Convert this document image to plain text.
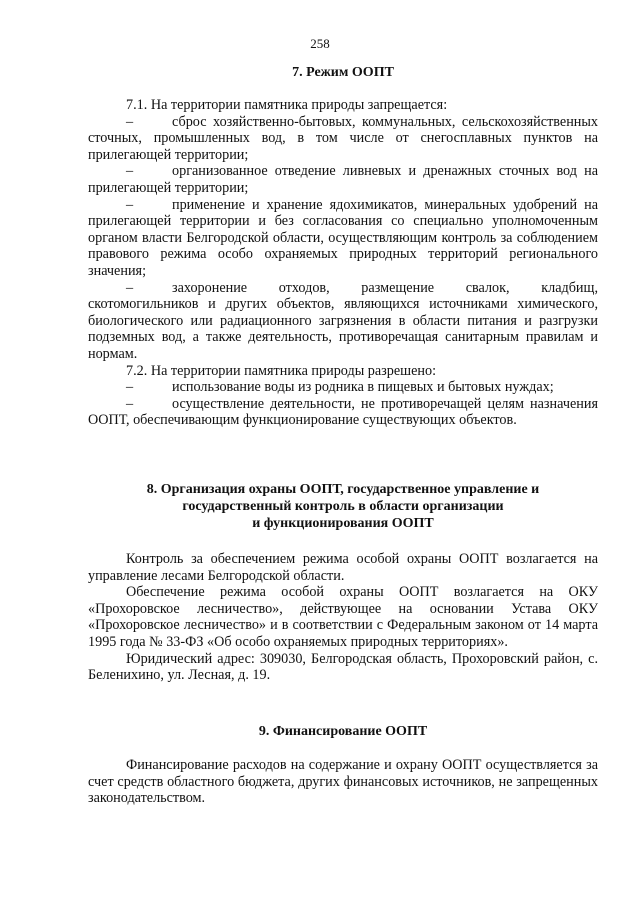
258
7. Режим ООПТ

7.1. На территории памятника природы запрещается:

–	сброс хозяйственно-бытовых, коммунальных, сельскохозяйственных сточных, промышленных вод, в том числе от снегосплавных пунктов на прилегающей территории;

–	организованное отведение ливневых и дренажных сточных вод на прилегающей территории;

–	применение и хранение ядохимикатов, минеральных удобрений на прилегающей территории и без согласования со специально уполномоченным органом власти Белгородской области, осуществляющим контроль за соблюдением правового режима особо охраняемых природных территорий регионального значения;

–	захоронение отходов, размещение свалок, кладбищ, скотомогильников и других объектов, являющихся источниками химического, биологического или радиационного загрязнения в области питания и разгрузки подземных вод, а также деятельность, противоречащая санитарным правилам и нормам.

7.2. На территории памятника природы разрешено:

–	использование воды из родника в пищевых и бытовых нуждах;

–	осуществление деятельности, не противоречащей целям назначения ООПТ, обеспечивающим функционирование существующих объектов.

8. Организация охраны ООПТ, государственное управление и
государственный контроль в области организации
и функционирования ООПТ

Контроль за обеспечением режима особой охраны ООПТ возлагается на управление лесами Белгородской области.

Обеспечение режима особой охраны ООПТ возлагается на ОКУ «Прохоровское лесничество», действующее на основании Устава ОКУ «Прохоровское лесничество» и в соответствии с Федеральным законом от 14 марта 1995 года № 33-ФЗ «Об особо охраняемых природных территориях».

Юридический адрес: 309030, Белгородская область, Прохоровский район, с. Беленихино, ул. Лесная, д. 19.

9. Финансирование ООПТ

Финансирование расходов на содержание и охрану ООПТ осуществляется за счет средств областного бюджета, других финансовых источников, не запрещенных законодательством.
